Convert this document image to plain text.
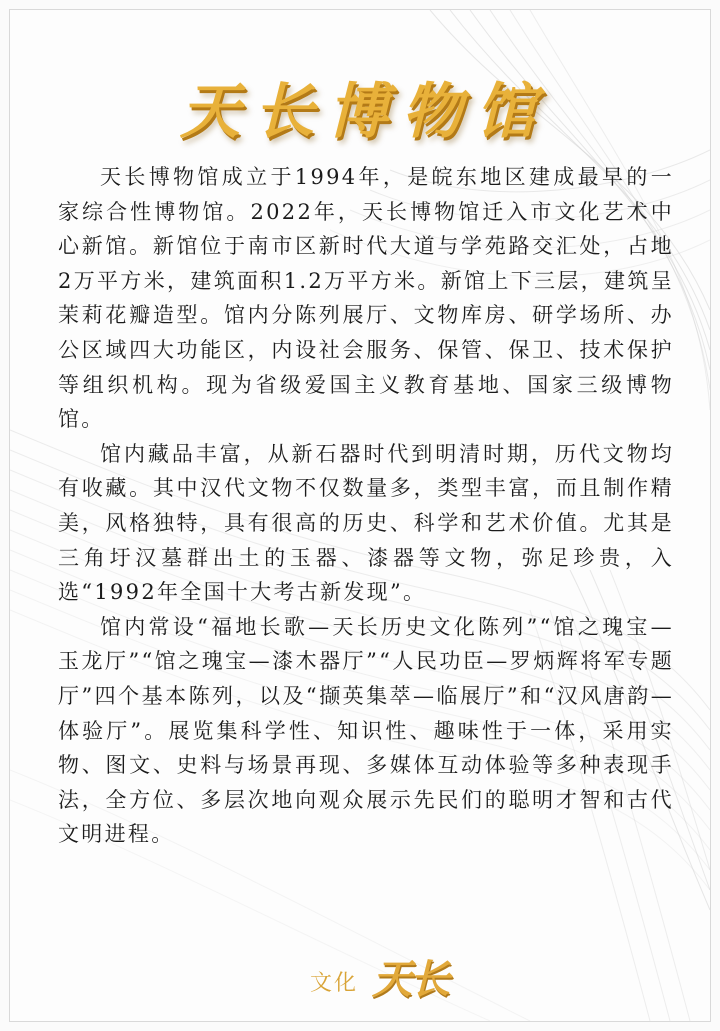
天长博物馆

天长博物馆成立于1994年，是皖东地区建成最早的一家综合性博物馆。2022年，天长博物馆迁入市文化艺术中心新馆。新馆位于南市区新时代大道与学苑路交汇处，占地2万平方米，建筑面积1.2万平方米。新馆上下三层，建筑呈茉莉花瓣造型。馆内分陈列展厅、文物库房、研学场所、办公区域四大功能区，内设社会服务、保管、保卫、技术保护等组织机构。现为省级爱国主义教育基地、国家三级博物馆。

馆内藏品丰富，从新石器时代到明清时期，历代文物均有收藏。其中汉代文物不仅数量多，类型丰富，而且制作精美，风格独特，具有很高的历史、科学和艺术价值。尤其是三角圩汉墓群出土的玉器、漆器等文物，弥足珍贵，入选“1992年全国十大考古新发现”。

馆内常设“福地长歌—天长历史文化陈列”“馆之瑰宝—玉龙厅”“馆之瑰宝—漆木器厅”“人民功臣—罗炳辉将军专题厅”四个基本陈列，以及“撷英集萃—临展厅”和“汉风唐韵—体验厅”。展览集科学性、知识性、趣味性于一体，采用实物、图文、史料与场景再现、多媒体互动体验等多种表现手法，全方位、多层次地向观众展示先民们的聪明才智和古代文明进程。

文化 天长
